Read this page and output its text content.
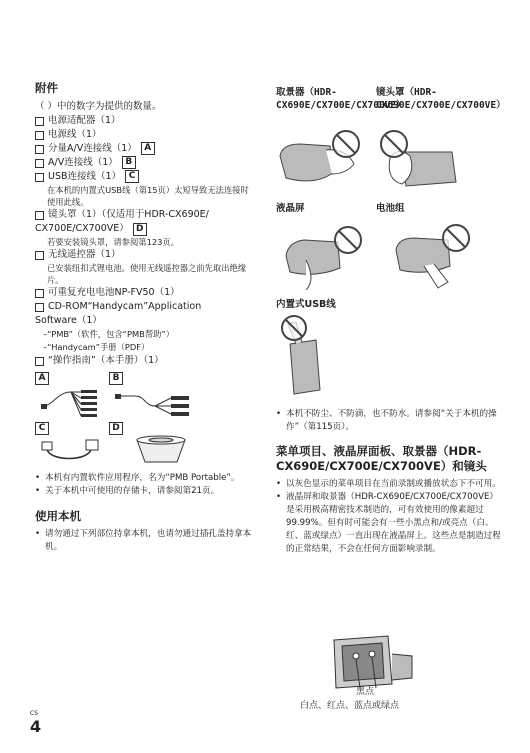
附件
（ ）中的数字为提供的数量。
电源适配器（1）
电源线（1）
分量A/V连接线（1） A
A/V连接线（1） B
USB连接线（1） C
在本机的内置式USB线（第15页）太短导致无法连接时使用此线。
镜头罩（1）（仅适用于HDR-CX690E/
CX700E/CX700VE） D
若要安装镜头罩，请参阅第123页。
无线遥控器（1）
已安装纽扣式锂电池。使用无线遥控器之前先取出绝缘片。
可重复充电电池NP-FV50（1）
CD-ROM“Handycam”Application
Software（1）
–“PMB”（软件，包含“PMB帮助”）
–“Handycam”手册（PDF）
“操作指南”（本手册）（1）
A	B
C	D
• 本机有内置软件应用程序，名为“PMB Portable”。
• 关于本机中可使用的存储卡，请参阅第21页。
使用本机
• 请勿通过下列部位持拿本机，也请勿通过插孔盖持拿本机。
取景器（HDR-CX690E/CX700E/CX700VE）
镜头罩（HDR-CX690E/CX700E/CX700VE）
液晶屏	电池组
内置式USB线
• 本机不防尘、不防滴，也不防水。请参阅“关于本机的操作”（第115页）。
菜单项目、液晶屏面板、取景器（HDR-CX690E/CX700E/CX700VE）和镜头
• 以灰色显示的菜单项目在当前录制或播放状态下不可用。
• 液晶屏和取景器（HDR-CX690E/CX700E/CX700VE）是采用极高精密技术制造的，可有效使用的像素超过99.99%。但有时可能会有一些小黑点和/或亮点（白、红、蓝或绿点）一直出现在液晶屏上。这些点是制造过程的正常结果，不会在任何方面影响录制。
黑点
白点、红点、蓝点或绿点
CS
4
